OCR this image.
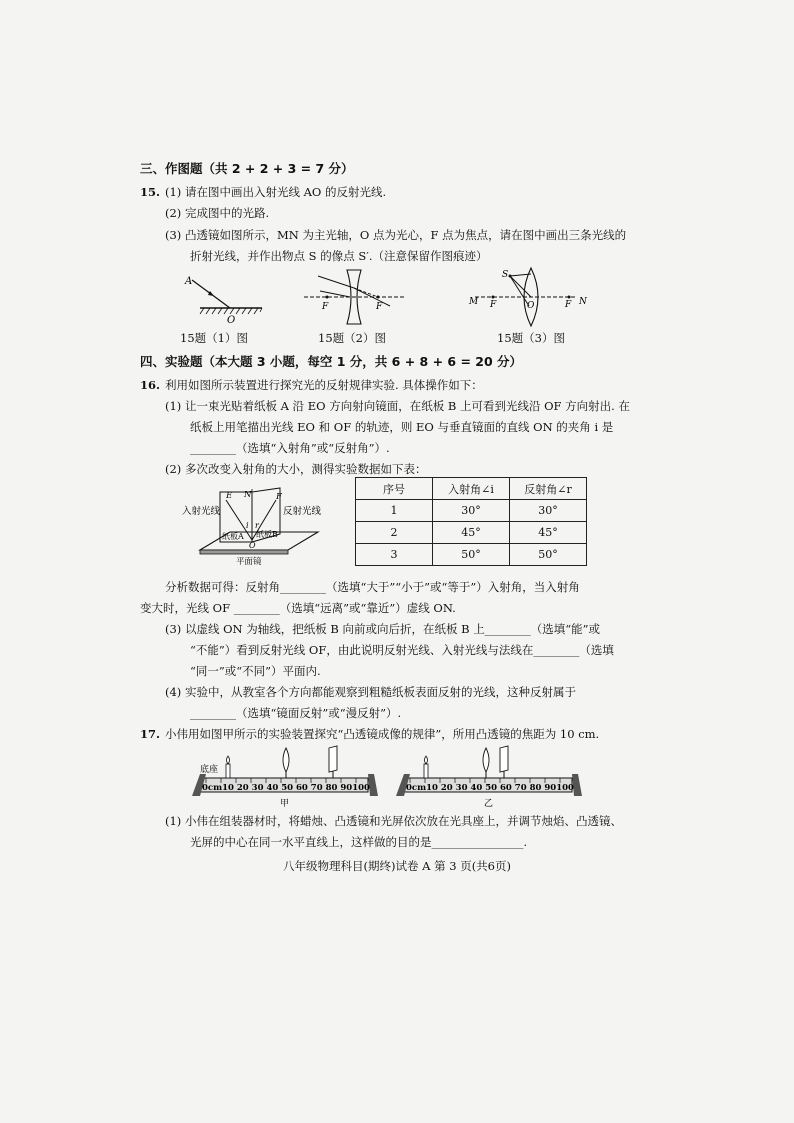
三、作图题（共 2 + 2 + 3 = 7 分）
15. (1) 请在图中画出入射光线 AO 的反射光线.
(2) 完成图中的光路.
(3) 凸透镜如图所示，MN 为主光轴，O 点为光心，F 点为焦点，请在图中画出三条光线的
折射光线，并作出物点 S 的像点 S′.（注意保留作图痕迹）
A
O
15题（1）图
F	F
15题（2）图
S
M F	O	F N
15题（3）图
四、实验题（本大题 3 小题，每空 1 分，共 6 + 8 + 6 = 20 分）
16. 利用如图所示装置进行探究光的反射规律实验. 具体操作如下：
(1) 让一束光贴着纸板 A 沿 EO 方向射向镜面，在纸板 B 上可看到光线沿 OF 方向射出. 在
纸板上用笔描出光线 EO 和 OF 的轨迹，则 EO 与垂直镜面的直线 ON 的夹角 i 是
________（选填“入射角”或“反射角”）.
(2) 多次改变入射角的大小，测得实验数据如下表：
入射光线	反射光线
E N	F
i r
O
纸板A 纸板B
平面镜
序号	入射角∠i	反射角∠r
1	30°	30°
2	45°	45°
3	50°	50°
分析数据可得：反射角________（选填“大于”“小于”或“等于”）入射角，当入射角
变大时，光线 OF ________（选填“远离”或“靠近”）虚线 ON.
(3) 以虚线 ON 为轴线，把纸板 B 向前或向后折，在纸板 B 上________（选填“能”或
“不能”）看到反射光线 OF，由此说明反射光线、入射光线与法线在________（选填
“同一”或“不同”）平面内.
(4) 实验中，从教室各个方向都能观察到粗糙纸板表面反射的光线，这种反射属于
________（选填“镜面反射”或“漫反射”）.
17. 小伟用如图甲所示的实验装置探究“凸透镜成像的规律”，所用凸透镜的焦距为 10 cm.
底座
0cm10 20 30 40 50 60 70 80 90100
甲
0cm10 20 30 40 50 60 70 80 90100
乙
(1) 小伟在组装器材时，将蜡烛、凸透镜和光屏依次放在光具座上，并调节烛焰、凸透镜、
光屏的中心在同一水平直线上，这样做的目的是________________.
八年级物理科目(期终)试卷 A 第 3 页(共6页)
